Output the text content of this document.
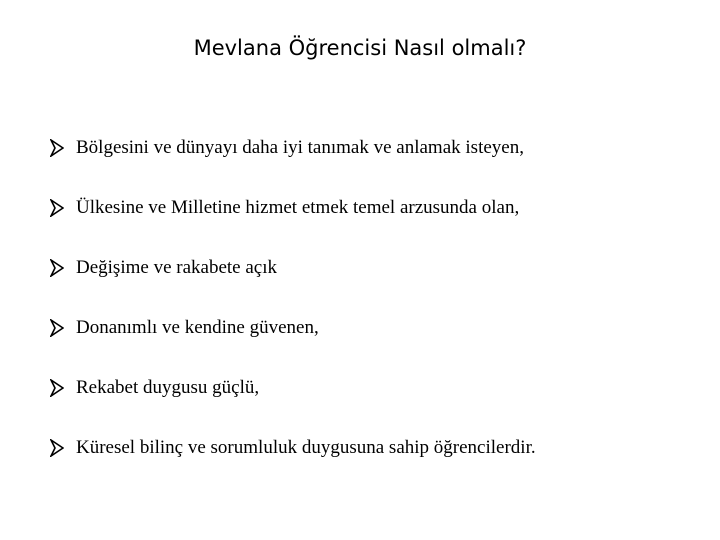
Mevlana Öğrencisi Nasıl olmalı?
Bölgesini ve dünyayı daha iyi tanımak ve anlamak isteyen,
Ülkesine ve Milletine hizmet etmek temel arzusunda olan,
Değişime ve rakabete açık
Donanımlı ve kendine güvenen,
Rekabet duygusu güçlü,
Küresel bilinç ve sorumluluk duygusuna sahip öğrencilerdir.
